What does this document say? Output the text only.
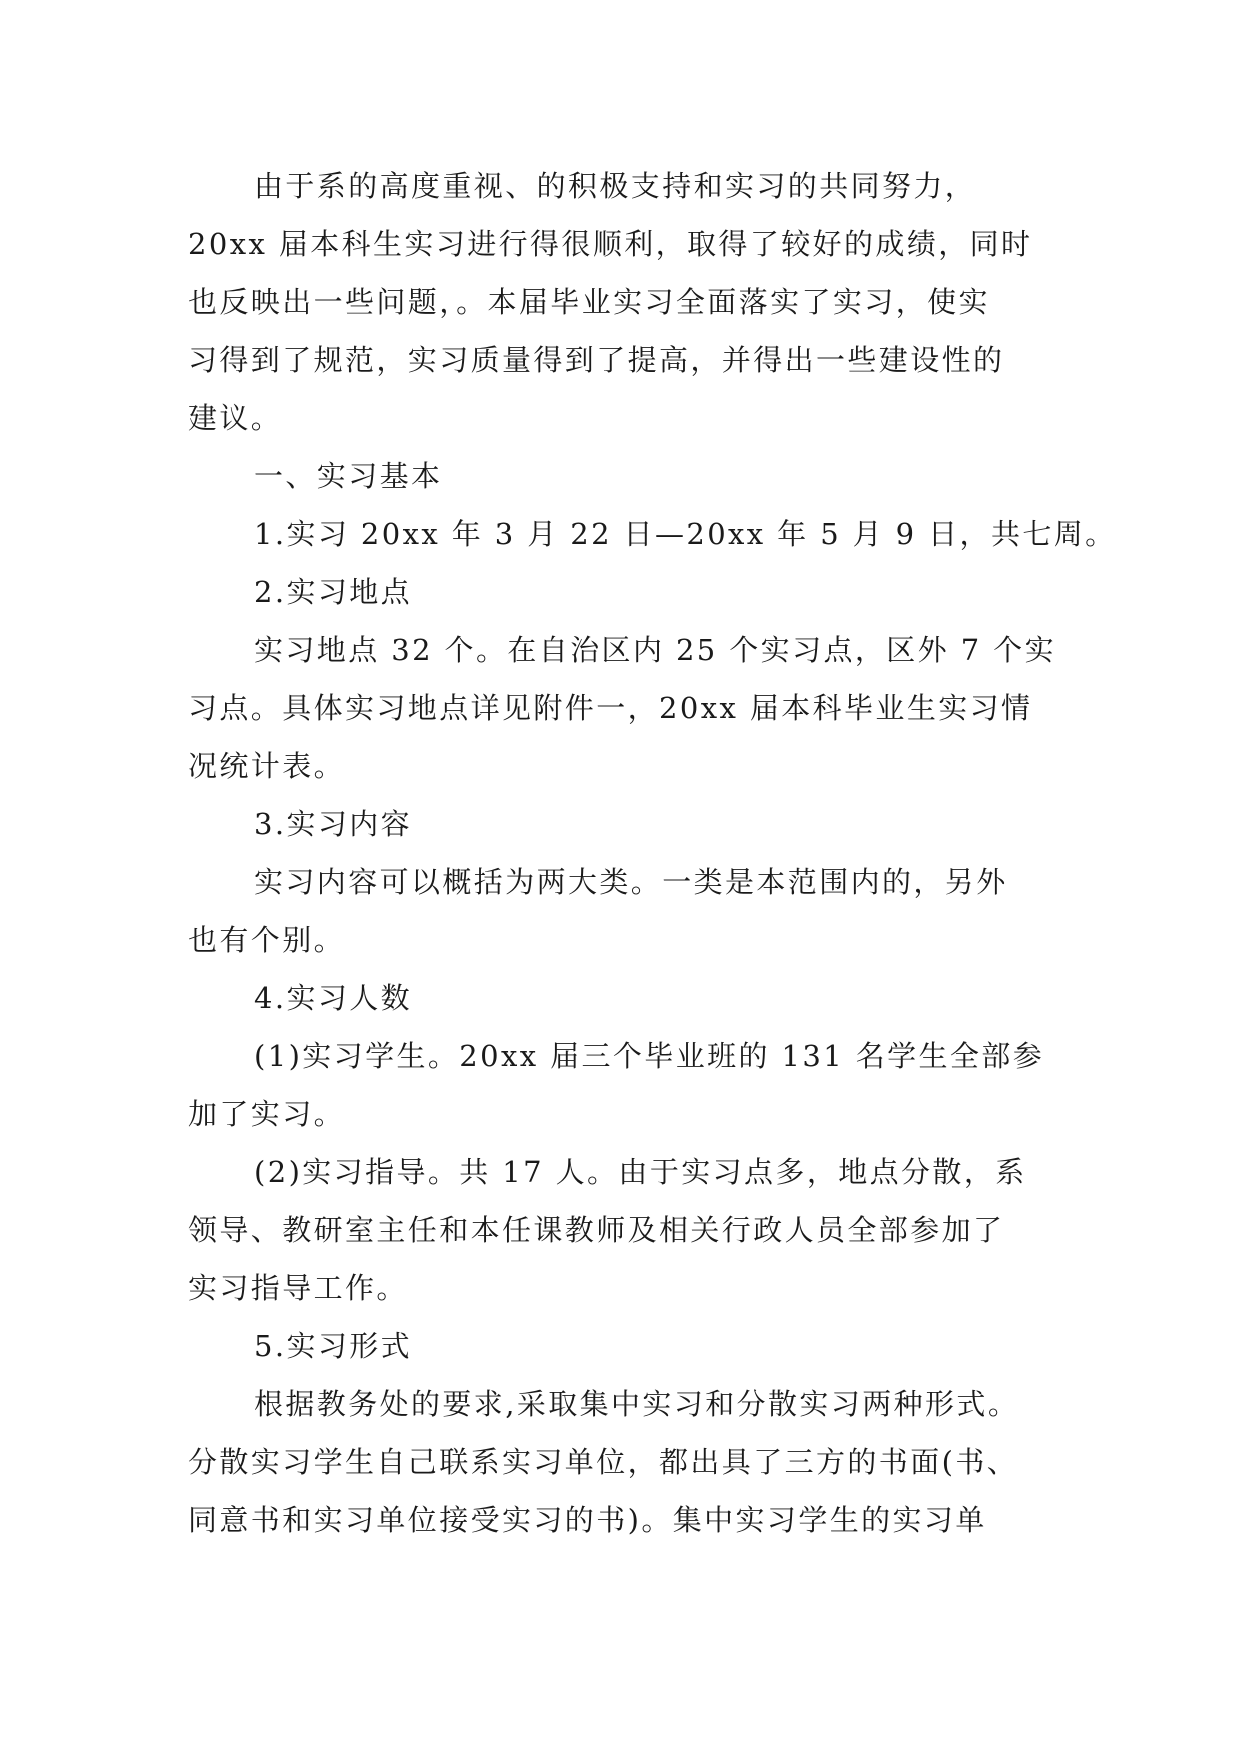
由于系的高度重视、的积极支持和实习的共同努力，
20xx 届本科生实习进行得很顺利，取得了较好的成绩，同时
也反映出一些问题，。本届毕业实习全面落实了实习，使实
习得到了规范，实习质量得到了提高，并得出一些建设性的
建议。
一、实习基本
1.实习 20xx 年 3 月 22 日—20xx 年 5 月 9 日，共七周。
2.实习地点
实习地点 32 个。在自治区内 25 个实习点，区外 7 个实
习点。具体实习地点详见附件一，20xx 届本科毕业生实习情
况统计表。
3.实习内容
实习内容可以概括为两大类。一类是本范围内的，另外
也有个别。
4.实习人数
(1)实习学生。20xx 届三个毕业班的 131 名学生全部参
加了实习。
(2)实习指导。共 17 人。由于实习点多，地点分散，系
领导、教研室主任和本任课教师及相关行政人员全部参加了
实习指导工作。
5.实习形式
根据教务处的要求,采取集中实习和分散实习两种形式。
分散实习学生自己联系实习单位，都出具了三方的书面(书、
同意书和实习单位接受实习的书)。集中实习学生的实习单
